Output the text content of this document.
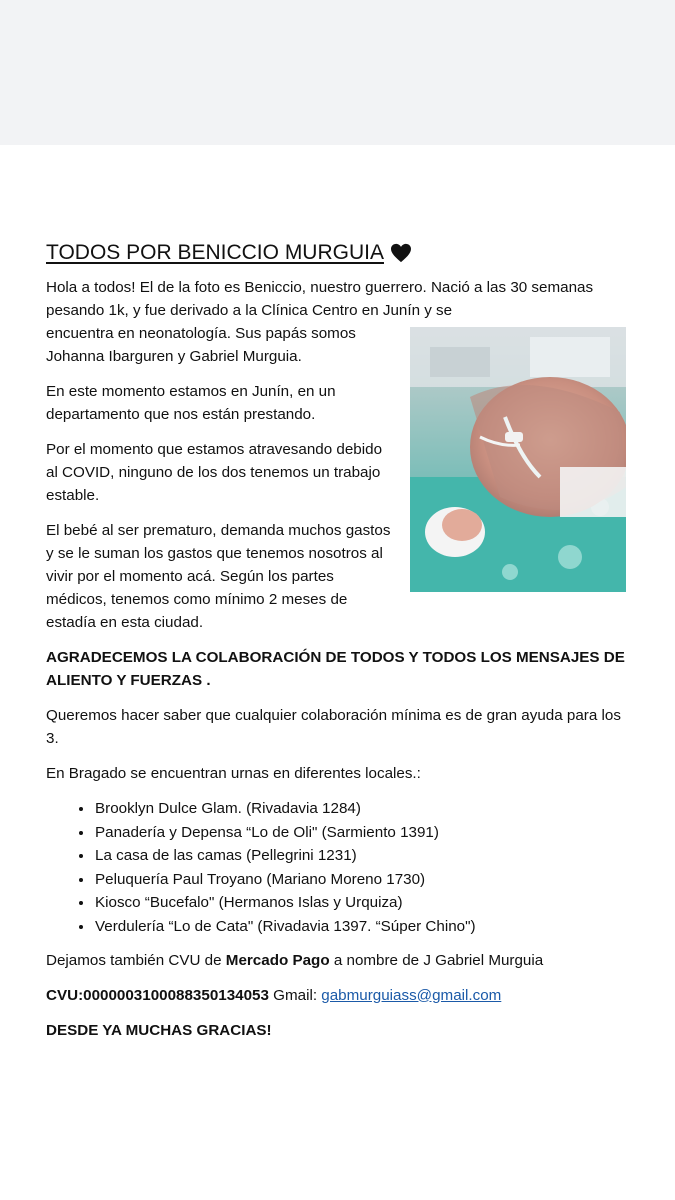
TODOS POR BENICCIO MURGUIA

Hola a todos! El de la foto es Beniccio, nuestro guerrero. Nació a las 30 semanas pesando 1k, y fue derivado a la Clínica Centro en Junín y se

encuentra en neonatología. Sus papás somos Johanna Ibarguren y Gabriel Murguia.

En este momento estamos en Junín, en un departamento que nos están prestando.

Por el momento que estamos atravesando debido al COVID, ninguno de los dos tenemos un trabajo estable.

El bebé al ser prematuro, demanda muchos gastos y se le suman los gastos que tenemos nosotros al vivir por el momento acá. Según los partes médicos, tenemos como mínimo 2 meses de estadía en esta ciudad.

AGRADECEMOS LA COLABORACIÓN DE TODOS Y TODOS LOS MENSAJES DE ALIENTO Y FUERZAS .

Queremos hacer saber que cualquier colaboración mínima es de gran ayuda para los 3.

En Bragado se encuentran urnas en diferentes locales.:

• Brooklyn Dulce Glam. (Rivadavia 1284)
• Panadería y Depensa “Lo de Oli" (Sarmiento 1391)
• La casa de las camas (Pellegrini 1231)
• Peluquería Paul Troyano (Mariano Moreno 1730)
• Kiosco “Bucefalo" (Hermanos Islas y Urquiza)
• Verdulería “Lo de Cata" (Rivadavia 1397. “Súper Chino")

Dejamos también CVU de Mercado Pago a nombre de J Gabriel Murguia

CVU:0000003100088350134053 Gmail: gabmurguiass@gmail.com

DESDE YA MUCHAS GRACIAS!
